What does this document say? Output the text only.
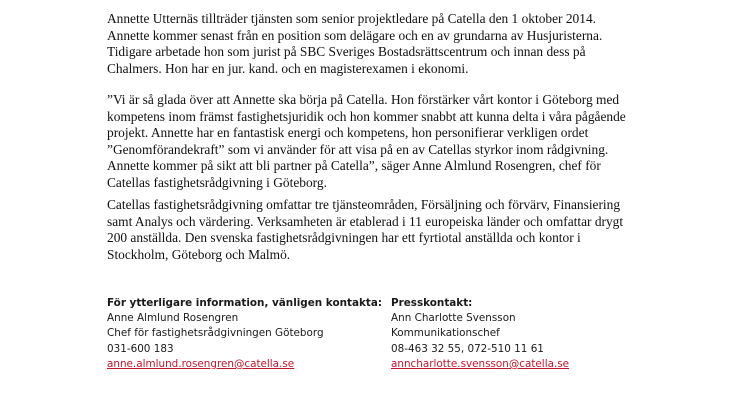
Annette Utternäs tillträder tjänsten som senior projektledare på Catella den 1 oktober 2014.
Annette kommer senast från en position som delägare och en av grundarna av Husjuristerna.
Tidigare arbetade hon som jurist på SBC Sveriges Bostadsrättscentrum och innan dess på
Chalmers. Hon har en jur. kand. och en magisterexamen i ekonomi.

”Vi är så glada över att Annette ska börja på Catella. Hon förstärker vårt kontor i Göteborg med
kompetens inom främst fastighetsjuridik och hon kommer snabbt att kunna delta i våra pågående
projekt. Annette har en fantastisk energi och kompetens, hon personifierar verkligen ordet
”Genomförandekraft” som vi använder för att visa på en av Catellas styrkor inom rådgivning.
Annette kommer på sikt att bli partner på Catella”, säger Anne Almlund Rosengren, chef för
Catellas fastighetsrådgivning i Göteborg.

Catellas fastighetsrådgivning omfattar tre tjänsteområden, Försäljning och förvärv, Finansiering
samt Analys och värdering. Verksamheten är etablerad i 11 europeiska länder och omfattar drygt
200 anställda. Den svenska fastighetsrådgivningen har ett fyrtiotal anställda och kontor i
Stockholm, Göteborg och Malmö.

För ytterligare information, vänligen kontakta:
Anne Almlund Rosengren
Chef för fastighetsrådgivningen Göteborg
031-600 183
anne.almlund.rosengren@catella.se
Presskontakt:
Ann Charlotte Svensson
Kommunikationschef
08-463 32 55, 072-510 11 61
anncharlotte.svensson@catella.se
